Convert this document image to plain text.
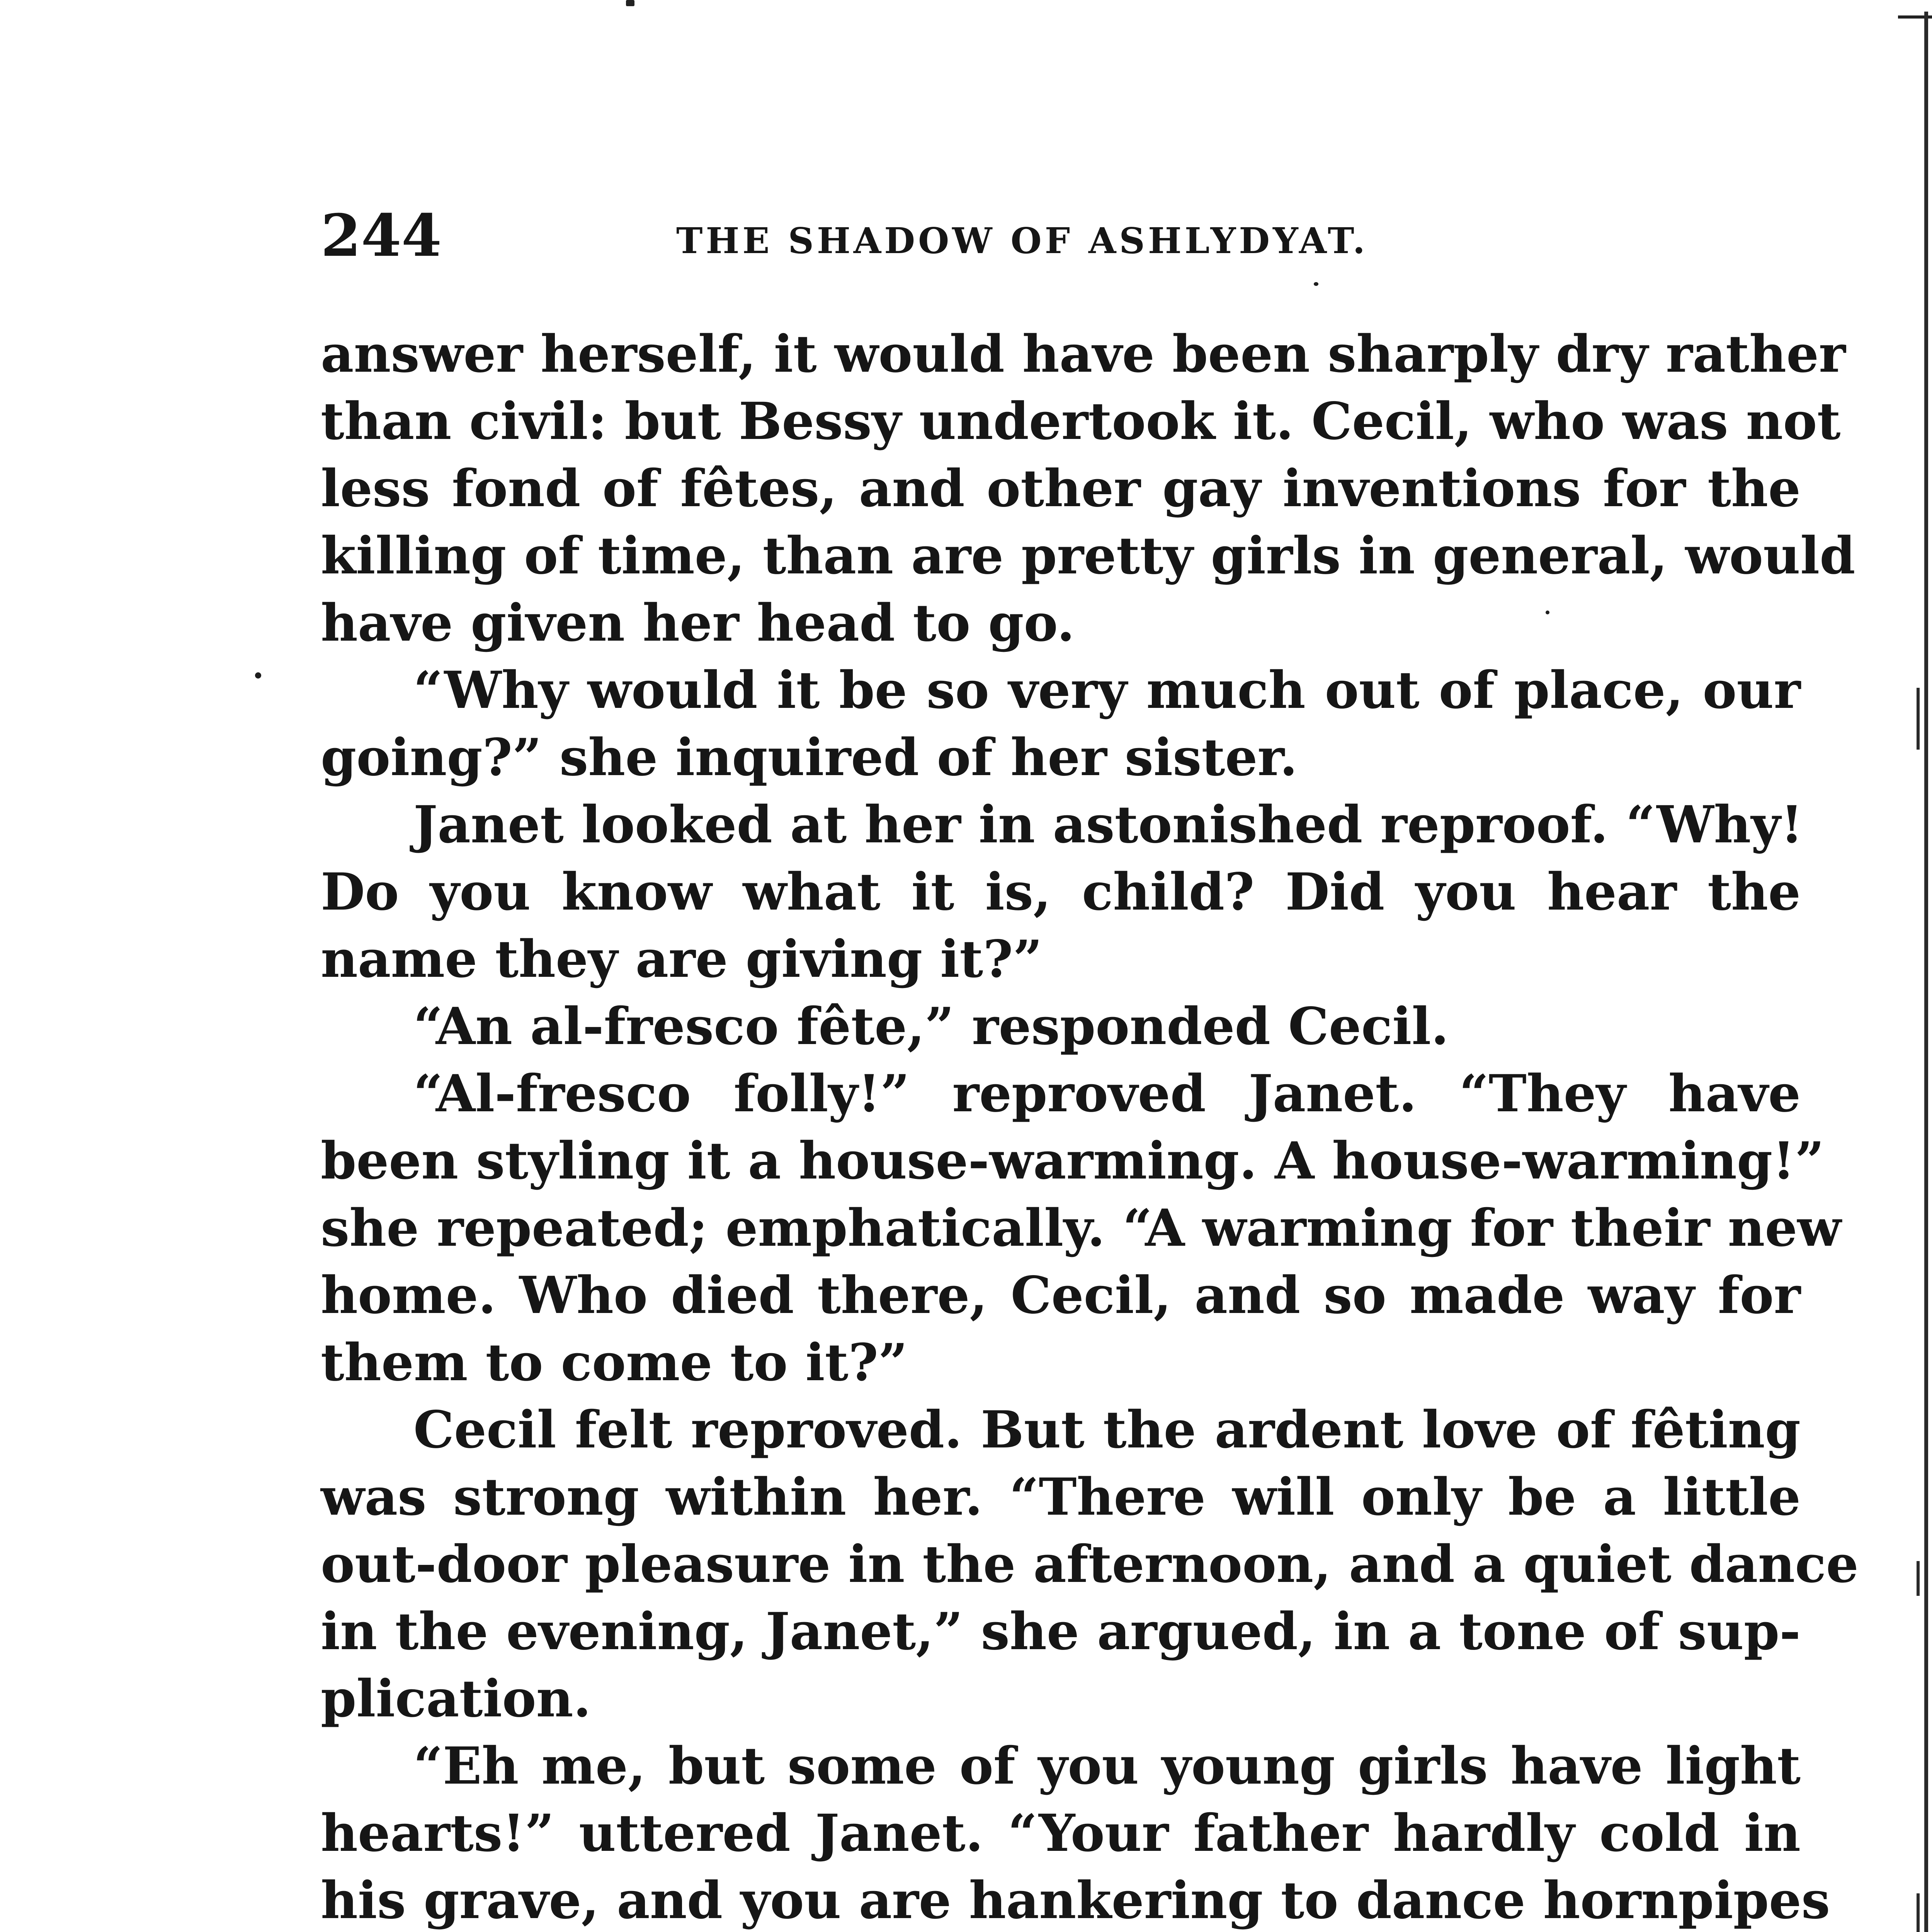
244	THE SHADOW OF ASHLYDYAT.
answer herself, it would have been sharply dry rather
than civil: but Bessy undertook it. Cecil, who was not
less fond of fêtes, and other gay inventions for the
killing of time, than are pretty girls in general, would
have given her head to go.
“Why would it be so very much out of place, our
going?” she inquired of her sister.
Janet looked at her in astonished reproof. “Why!
Do you know what it is, child? Did you hear the
name they are giving it?”
“An al-fresco fête,” responded Cecil.
“Al-fresco folly!” reproved Janet. “They have
been styling it a house-warming. A house-warming!”
she repeated; emphatically. “A warming for their new
home. Who died there, Cecil, and so made way for
them to come to it?”
Cecil felt reproved. But the ardent love of fêting
was strong within her. “There will only be a little
out-door pleasure in the afternoon, and a quiet dance
in the evening, Janet,” she argued, in a tone of sup-
plication.
“Eh me, but some of you young girls have light
hearts!” uttered Janet. “Your father hardly cold in
his grave, and you are hankering to dance hornpipes
